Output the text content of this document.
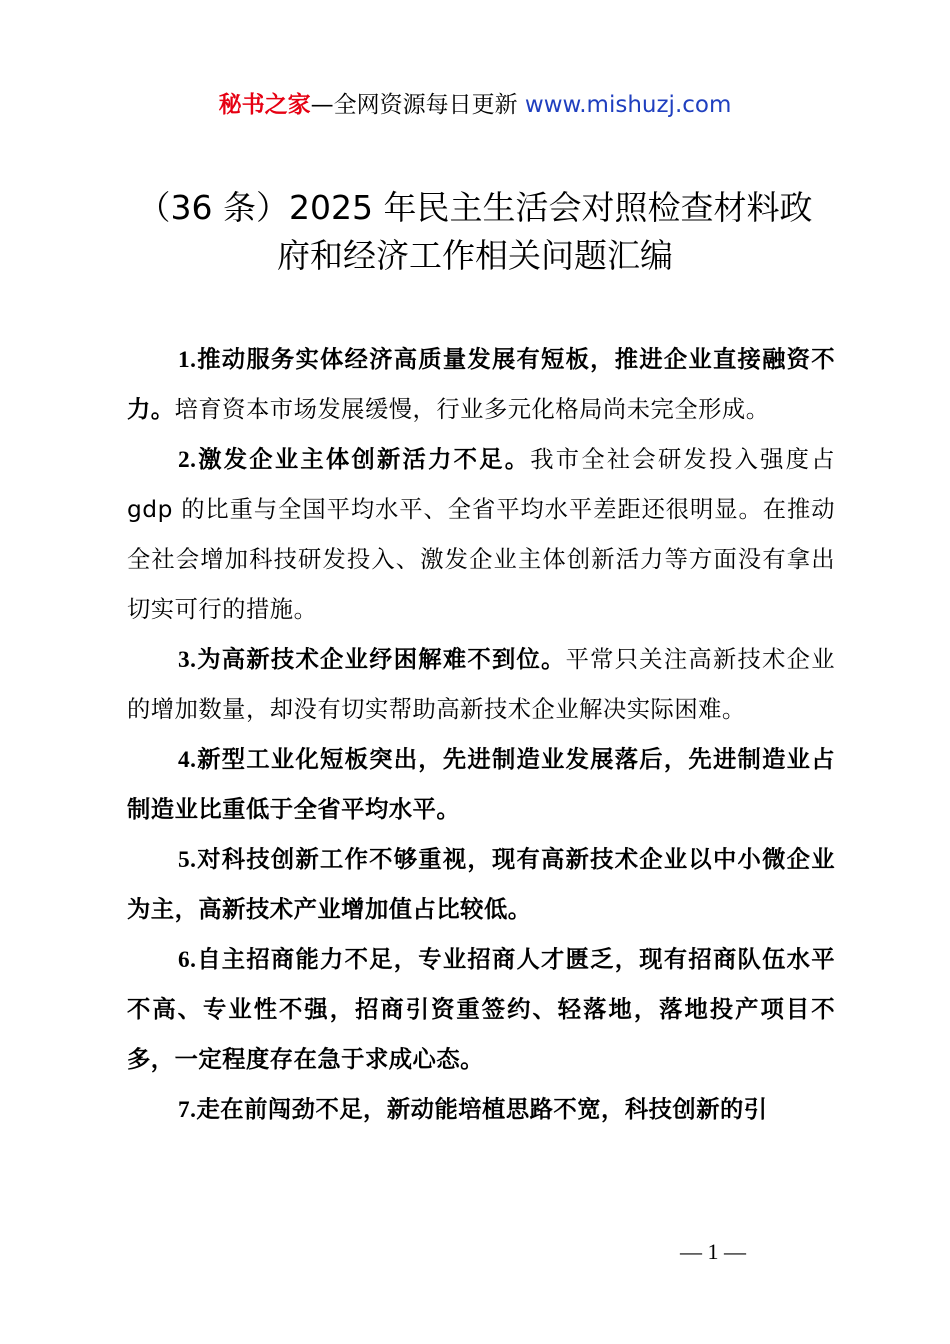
秘书之家—全网资源每日更新 www.mishuzj.com
（36 条）2025 年民主生活会对照检查材料政
府和经济工作相关问题汇编

1.推动服务实体经济高质量发展有短板，推进企业直接融资不力。培育资本市场发展缓慢，行业多元化格局尚未完全形成。

2.激发企业主体创新活力不足。我市全社会研发投入强度占 gdp 的比重与全国平均水平、全省平均水平差距还很明显。在推动全社会增加科技研发投入、激发企业主体创新活力等方面没有拿出切实可行的措施。

3.为高新技术企业纾困解难不到位。平常只关注高新技术企业的增加数量，却没有切实帮助高新技术企业解决实际困难。

4.新型工业化短板突出，先进制造业发展落后，先进制造业占制造业比重低于全省平均水平。

5.对科技创新工作不够重视，现有高新技术企业以中小微企业为主，高新技术产业增加值占比较低。

6.自主招商能力不足，专业招商人才匮乏，现有招商队伍水平不高、专业性不强，招商引资重签约、轻落地，落地投产项目不多，一定程度存在急于求成心态。

7.走在前闯劲不足，新动能培植思路不宽，科技创新的引

— 1 —
